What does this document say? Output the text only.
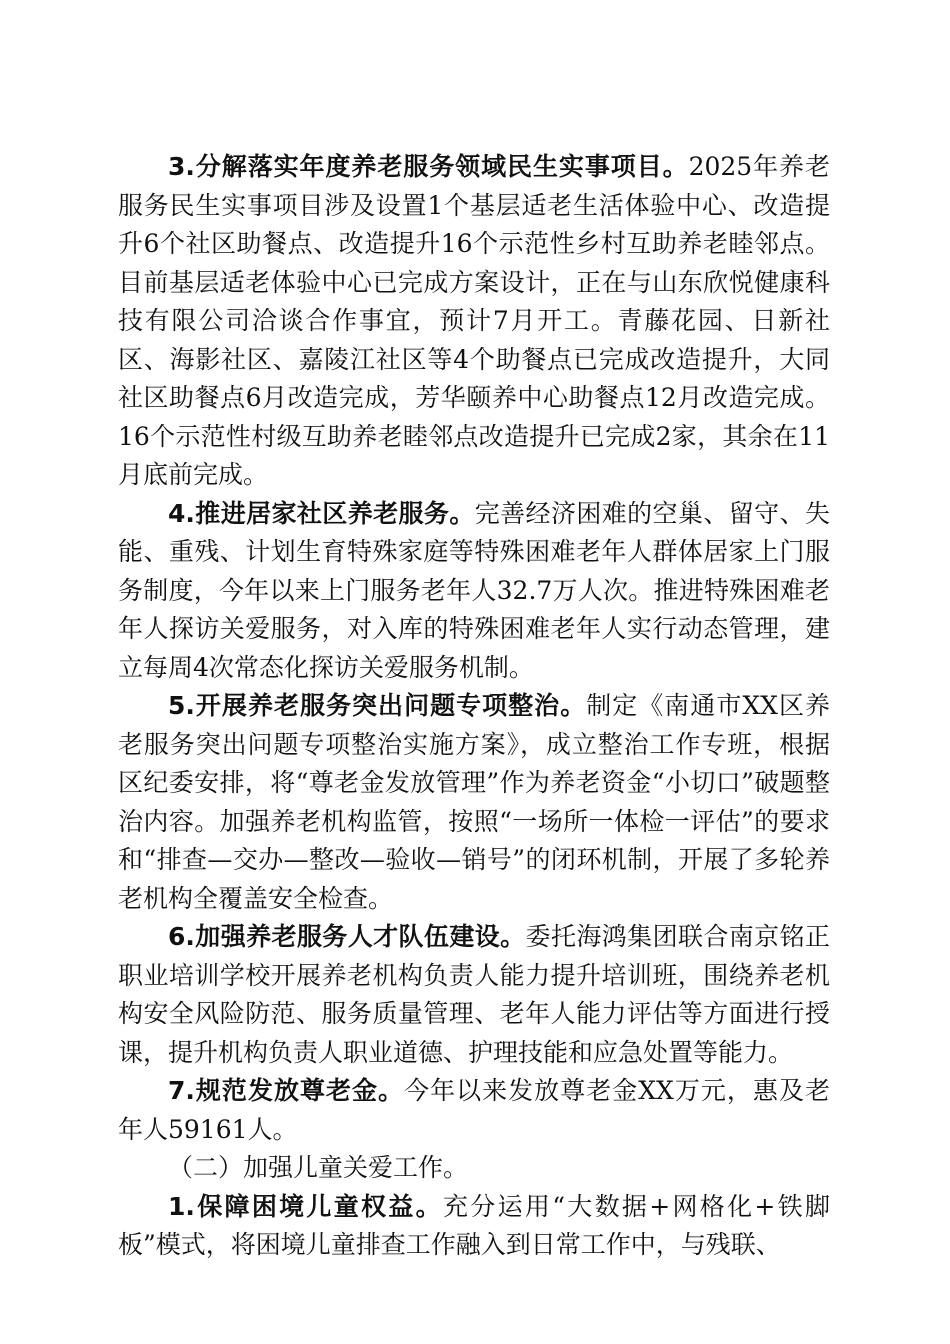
3.分解落实年度养老服务领域民生实事项目。2025年养老服务民生实事项目涉及设置1个基层适老生活体验中心、改造提升6个社区助餐点、改造提升16个示范性乡村互助养老睦邻点。目前基层适老体验中心已完成方案设计，正在与山东欣悦健康科技有限公司洽谈合作事宜，预计7月开工。青藤花园、日新社区、海影社区、嘉陵江社区等4个助餐点已完成改造提升，大同社区助餐点6月改造完成，芳华颐养中心助餐点12月改造完成。16个示范性村级互助养老睦邻点改造提升已完成2家，其余在11月底前完成。

4.推进居家社区养老服务。完善经济困难的空巢、留守、失能、重残、计划生育特殊家庭等特殊困难老年人群体居家上门服务制度，今年以来上门服务老年人32.7万人次。推进特殊困难老年人探访关爱服务，对入库的特殊困难老年人实行动态管理，建立每周4次常态化探访关爱服务机制。

5.开展养老服务突出问题专项整治。制定《南通市XX区养老服务突出问题专项整治实施方案》，成立整治工作专班，根据区纪委安排，将“尊老金发放管理”作为养老资金“小切口”破题整治内容。加强养老机构监管，按照“一场所一体检一评估”的要求和“排查—交办—整改—验收—销号”的闭环机制，开展了多轮养老机构全覆盖安全检查。

6.加强养老服务人才队伍建设。委托海鸿集团联合南京铭正职业培训学校开展养老机构负责人能力提升培训班，围绕养老机构安全风险防范、服务质量管理、老年人能力评估等方面进行授课，提升机构负责人职业道德、护理技能和应急处置等能力。

7.规范发放尊老金。今年以来发放尊老金XX万元，惠及老年人59161人。

（二）加强儿童关爱工作。

1.保障困境儿童权益。充分运用“大数据+网格化+铁脚板”模式，将困境儿童排查工作融入到日常工作中，与残联、
